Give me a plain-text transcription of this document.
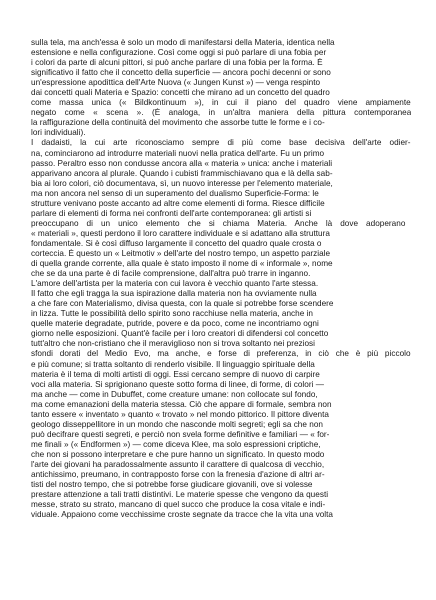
sulla tela, ma anch'essa è solo un modo di manifestarsi della Materia, identica nella
estensione e nella configurazione. Così come oggi si può parlare di una fobia per
i colori da parte di alcuni pittori, si può anche parlare di una fobia per la forma. È
significativo il fatto che il concetto della superficie — ancora pochi decenni or sono
un'espressione apodittica dell'Arte Nuova (« Jungen Kunst ») — venga respinto
dai concetti quali Materia e Spazio: concetti che mirano ad un concetto del quadro
come massa unica (« Bildkontinuum »), in cui il piano del quadro viene ampiamente
negato come « scena ». (È analoga, in un'altra maniera della pittura contemporanea
la raffigurazione della continuità del movimento che assorbe tutte le forme e i co-
lori individuali).
I dadaisti, la cui arte riconosciamo sempre di più come base decisiva dell'arte odier-
na, cominciarono ad introdurre materiali nuovi nella pratica dell'arte. Fu un primo
passo. Peraltro esso non condusse ancora alla « materia » unica: anche i materiali
apparivano ancora al plurale. Quando i cubisti frammischiavano qua e là della sab-
bia ai loro colori, ciò documentava, sì, un nuovo interesse per l'elemento materiale,
ma non ancora nel senso di un superamento del dualismo Superficie-Forma: le
strutture venivano poste accanto ad altre come elementi di forma. Riesce difficile
parlare di elementi di forma nei confronti dell'arte contemporanea: gli artisti si
preoccupano di un unico elemento che si chiama Materia. Anche là dove adoperano
« materiali », questi perdono il loro carattere individuale e si adattano alla struttura
fondamentale. Si è così diffuso largamente il concetto del quadro quale crosta o
corteccia. È questo un « Leitmotiv » dell'arte del nostro tempo, un aspetto parziale
di quella grande corrente, alla quale è stato imposto il nome di « informale », nome
che se da una parte è di facile comprensione, dall'altra può trarre in inganno.
L'amore dell'artista per la materia con cui lavora è vecchio quanto l'arte stessa.
Il fatto che egli tragga la sua ispirazione dalla materia non ha ovviamente nulla
a che fare con Materialismo, divisa questa, con la quale si potrebbe forse scendere
in lizza. Tutte le possibilità dello spirito sono racchiuse nella materia, anche in
quelle materie degradate, putride, povere e da poco, come ne incontriamo ogni
giorno nelle esposizioni. Quant'è facile per i loro creatori di difendersi col concetto
tutt'altro che non-cristiano che il meraviglioso non si trova soltanto nei preziosi
sfondi dorati del Medio Evo, ma anche, e forse di preferenza, in ciò che è più piccolo
e più comune; si tratta soltanto di renderlo visibile. Il linguaggio spirituale della
materia è il tema di molti artisti di oggi. Essi cercano sempre di nuovo di carpire
voci alla materia. Si sprigionano queste sotto forma di linee, di forme, di colori —
ma anche — come in Dubuffet, come creature umane: non collocate sul fondo,
ma come emanazioni della materia stessa. Ciò che appare di formale, sembra non
tanto essere « inventato » quanto « trovato » nel mondo pittorico. Il pittore diventa
geologo disseppellitore in un mondo che nasconde molti segreti; egli sa che non
può decifrare questi segreti, e perciò non svela forme definitive e familiari — « for-
me finali » (« Endformen ») — come diceva Klee, ma solo espressioni criptiche,
che non si possono interpretare e che pure hanno un significato. In questo modo
l'arte dei giovani ha paradossalmente assunto il carattere di qualcosa di vecchio,
antichissimo, preumano, in contrapposto forse con la frenesia d'azione di altri ar-
tisti del nostro tempo, che si potrebbe forse giudicare giovanili, ove si volesse
prestare attenzione a tali tratti distintivi. Le materie spesse che vengono da questi
messe, strato su strato, mancano di quel succo che produce la cosa vitale e indi-
viduale. Appaiono come vecchissime croste segnate da tracce che la vita una volta
